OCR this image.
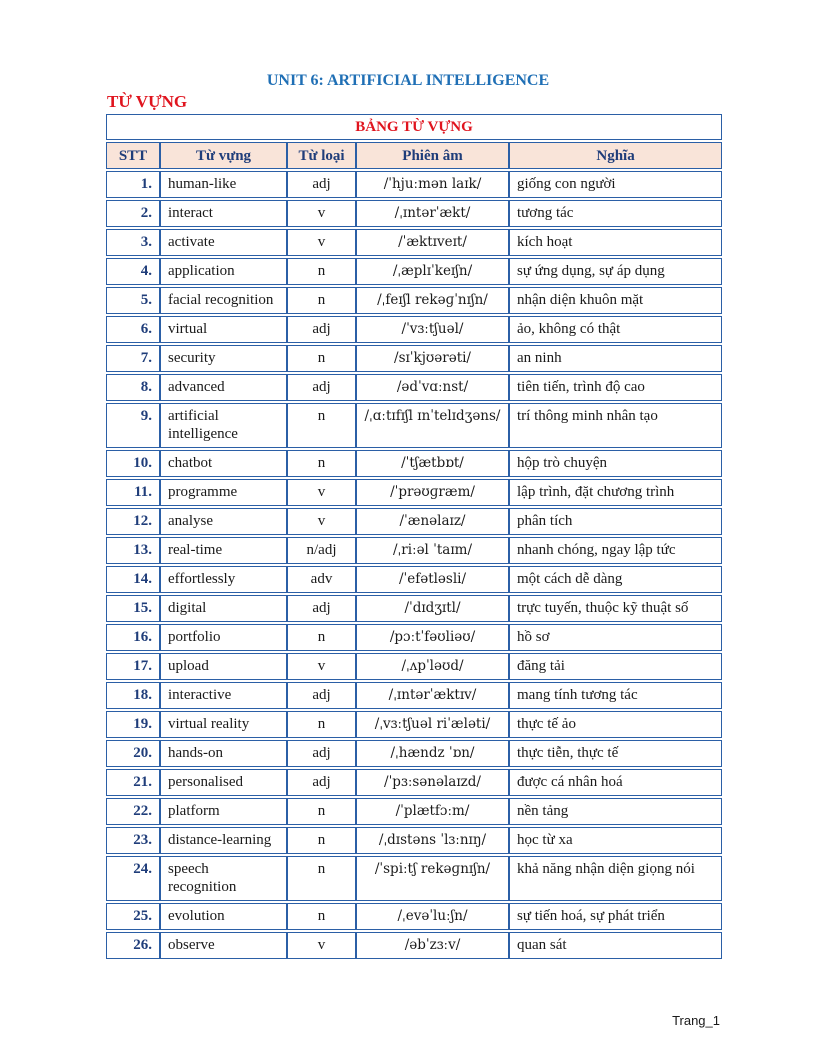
UNIT 6: ARTIFICIAL INTELLIGENCE
TỪ VỰNG
BẢNG TỪ VỰNG				
STT	Từ vựng	Từ loại	Phiên âm	Nghĩa
1.	human-like	adj	/ˈhjuːmən laɪk/	giống con người
2.	interact	v	/ˌɪntərˈækt/	tương tác
3.	activate	v	/ˈæktɪveɪt/	kích hoạt
4.	application	n	/ˌæplɪˈkeɪʃn/	sự ứng dụng, sự áp dụng
5.	facial recognition	n	/ˌfeɪʃl rekəɡˈnɪʃn/	nhận diện khuôn mặt
6.	virtual	adj	/ˈvɜːtʃuəl/	ảo, không có thật
7.	security	n	/sɪˈkjʊərəti/	an ninh
8.	advanced	adj	/ədˈvɑːnst/	tiên tiến, trình độ cao
9.	artificial intelligence	n	/ˌɑːtɪfɪʃl ɪnˈtelɪdʒəns/	trí thông minh nhân tạo
10.	chatbot	n	/ˈtʃætbɒt/	hộp trò chuyện
11.	programme	v	/ˈprəʊɡræm/	lập trình, đặt chương trình
12.	analyse	v	/ˈænəlaɪz/	phân tích
13.	real-time	n/adj	/ˌriːəl ˈtaɪm/	nhanh chóng, ngay lập tức
14.	effortlessly	adv	/ˈefətləsli/	một cách dễ dàng
15.	digital	adj	/ˈdɪdʒɪtl/	trực tuyến, thuộc kỹ thuật số
16.	portfolio	n	/pɔːtˈfəʊliəʊ/	hồ sơ
17.	upload	v	/ˌʌpˈləʊd/	đăng tải
18.	interactive	adj	/ˌɪntərˈæktɪv/	mang tính tương tác
19.	virtual reality	n	/ˌvɜːtʃuəl riˈæləti/	thực tế ảo
20.	hands-on	adj	/ˌhændz ˈɒn/	thực tiễn, thực tế
21.	personalised	adj	/ˈpɜːsənəlaɪzd/	được cá nhân hoá
22.	platform	n	/ˈplætfɔːm/	nền tảng
23.	distance-learning	n	/ˌdɪstəns ˈlɜːnɪŋ/	học từ xa
24.	speech recognition	n	/ˈspiːtʃ rekəɡnɪʃn/	khả năng nhận diện giọng nói
25.	evolution	n	/ˌevəˈluːʃn/	sự tiến hoá, sự phát triển
26.	observe	v	/əbˈzɜːv/	quan sát
Trang_1
